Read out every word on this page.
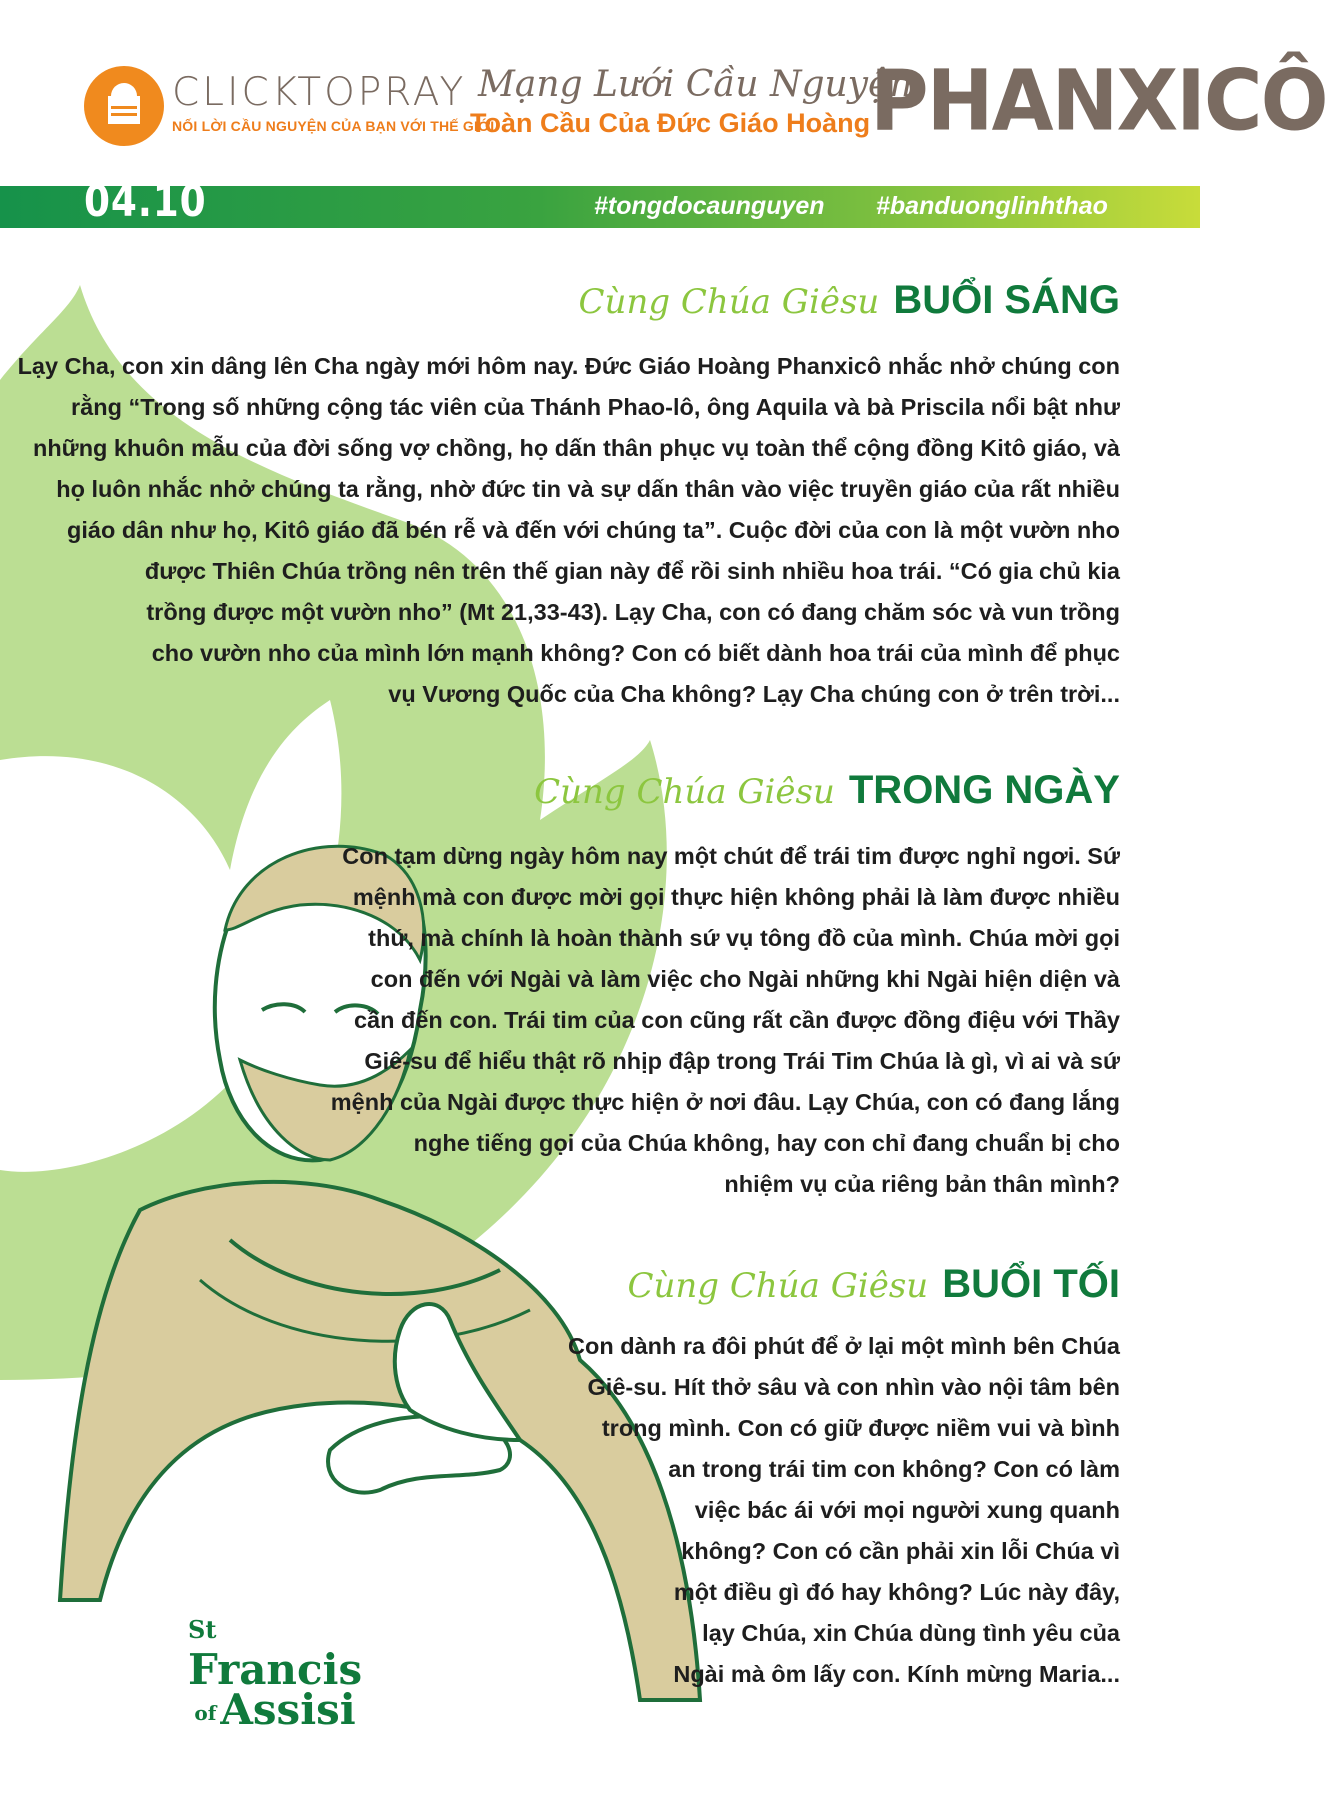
CLICKTOPRAY
NỐI LỜI CẦU NGUYỆN CỦA BẠN VỚI THẾ GIỚI
Mạng Lưới Cầu Nguyện
Toàn Cầu Của Đức Giáo Hoàng PHANXICÔ
04.10	#tongdocaunguyen #banduonglinhthao
Cùng Chúa Giêsu BUỔI SÁNG
Lạy Cha, con xin dâng lên Cha ngày mới hôm nay. Đức Giáo Hoàng Phanxicô nhắc nhở chúng con
rằng “Trong số những cộng tác viên của Thánh Phao-lô, ông Aquila và bà Priscila nổi bật như
những khuôn mẫu của đời sống vợ chồng, họ dấn thân phục vụ toàn thể cộng đồng Kitô giáo, và
họ luôn nhắc nhở chúng ta rằng, nhờ đức tin và sự dấn thân vào việc truyền giáo của rất nhiều
giáo dân như họ, Kitô giáo đã bén rễ và đến với chúng ta”. Cuộc đời của con là một vườn nho
được Thiên Chúa trồng nên trên thế gian này để rồi sinh nhiều hoa trái. “Có gia chủ kia
trồng được một vườn nho” (Mt 21,33-43). Lạy Cha, con có đang chăm sóc và vun trồng
cho vườn nho của mình lớn mạnh không? Con có biết dành hoa trái của mình để phục
vụ Vương Quốc của Cha không? Lạy Cha chúng con ở trên trời...
Cùng Chúa Giêsu TRONG NGÀY
Con tạm dừng ngày hôm nay một chút để trái tim được nghỉ ngơi. Sứ
mệnh mà con được mời gọi thực hiện không phải là làm được nhiều
thứ, mà chính là hoàn thành sứ vụ tông đồ của mình. Chúa mời gọi
con đến với Ngài và làm việc cho Ngài những khi Ngài hiện diện và
cần đến con. Trái tim của con cũng rất cần được đồng điệu với Thầy
Giê-su để hiểu thật rõ nhịp đập trong Trái Tim Chúa là gì, vì ai và sứ
mệnh của Ngài được thực hiện ở nơi đâu. Lạy Chúa, con có đang lắng
nghe tiếng gọi của Chúa không, hay con chỉ đang chuẩn bị cho
nhiệm vụ của riêng bản thân mình?
Cùng Chúa Giêsu BUỔI TỐI
Con dành ra đôi phút để ở lại một mình bên Chúa
Giê-su. Hít thở sâu và con nhìn vào nội tâm bên
trong mình. Con có giữ được niềm vui và bình
an trong trái tim con không? Con có làm
việc bác ái với mọi người xung quanh
không? Con có cần phải xin lỗi Chúa vì
một điều gì đó hay không? Lúc này đây,
lạy Chúa, xin Chúa dùng tình yêu của
Ngài mà ôm lấy con. Kính mừng Maria...
St
Francis
ofAssisi
